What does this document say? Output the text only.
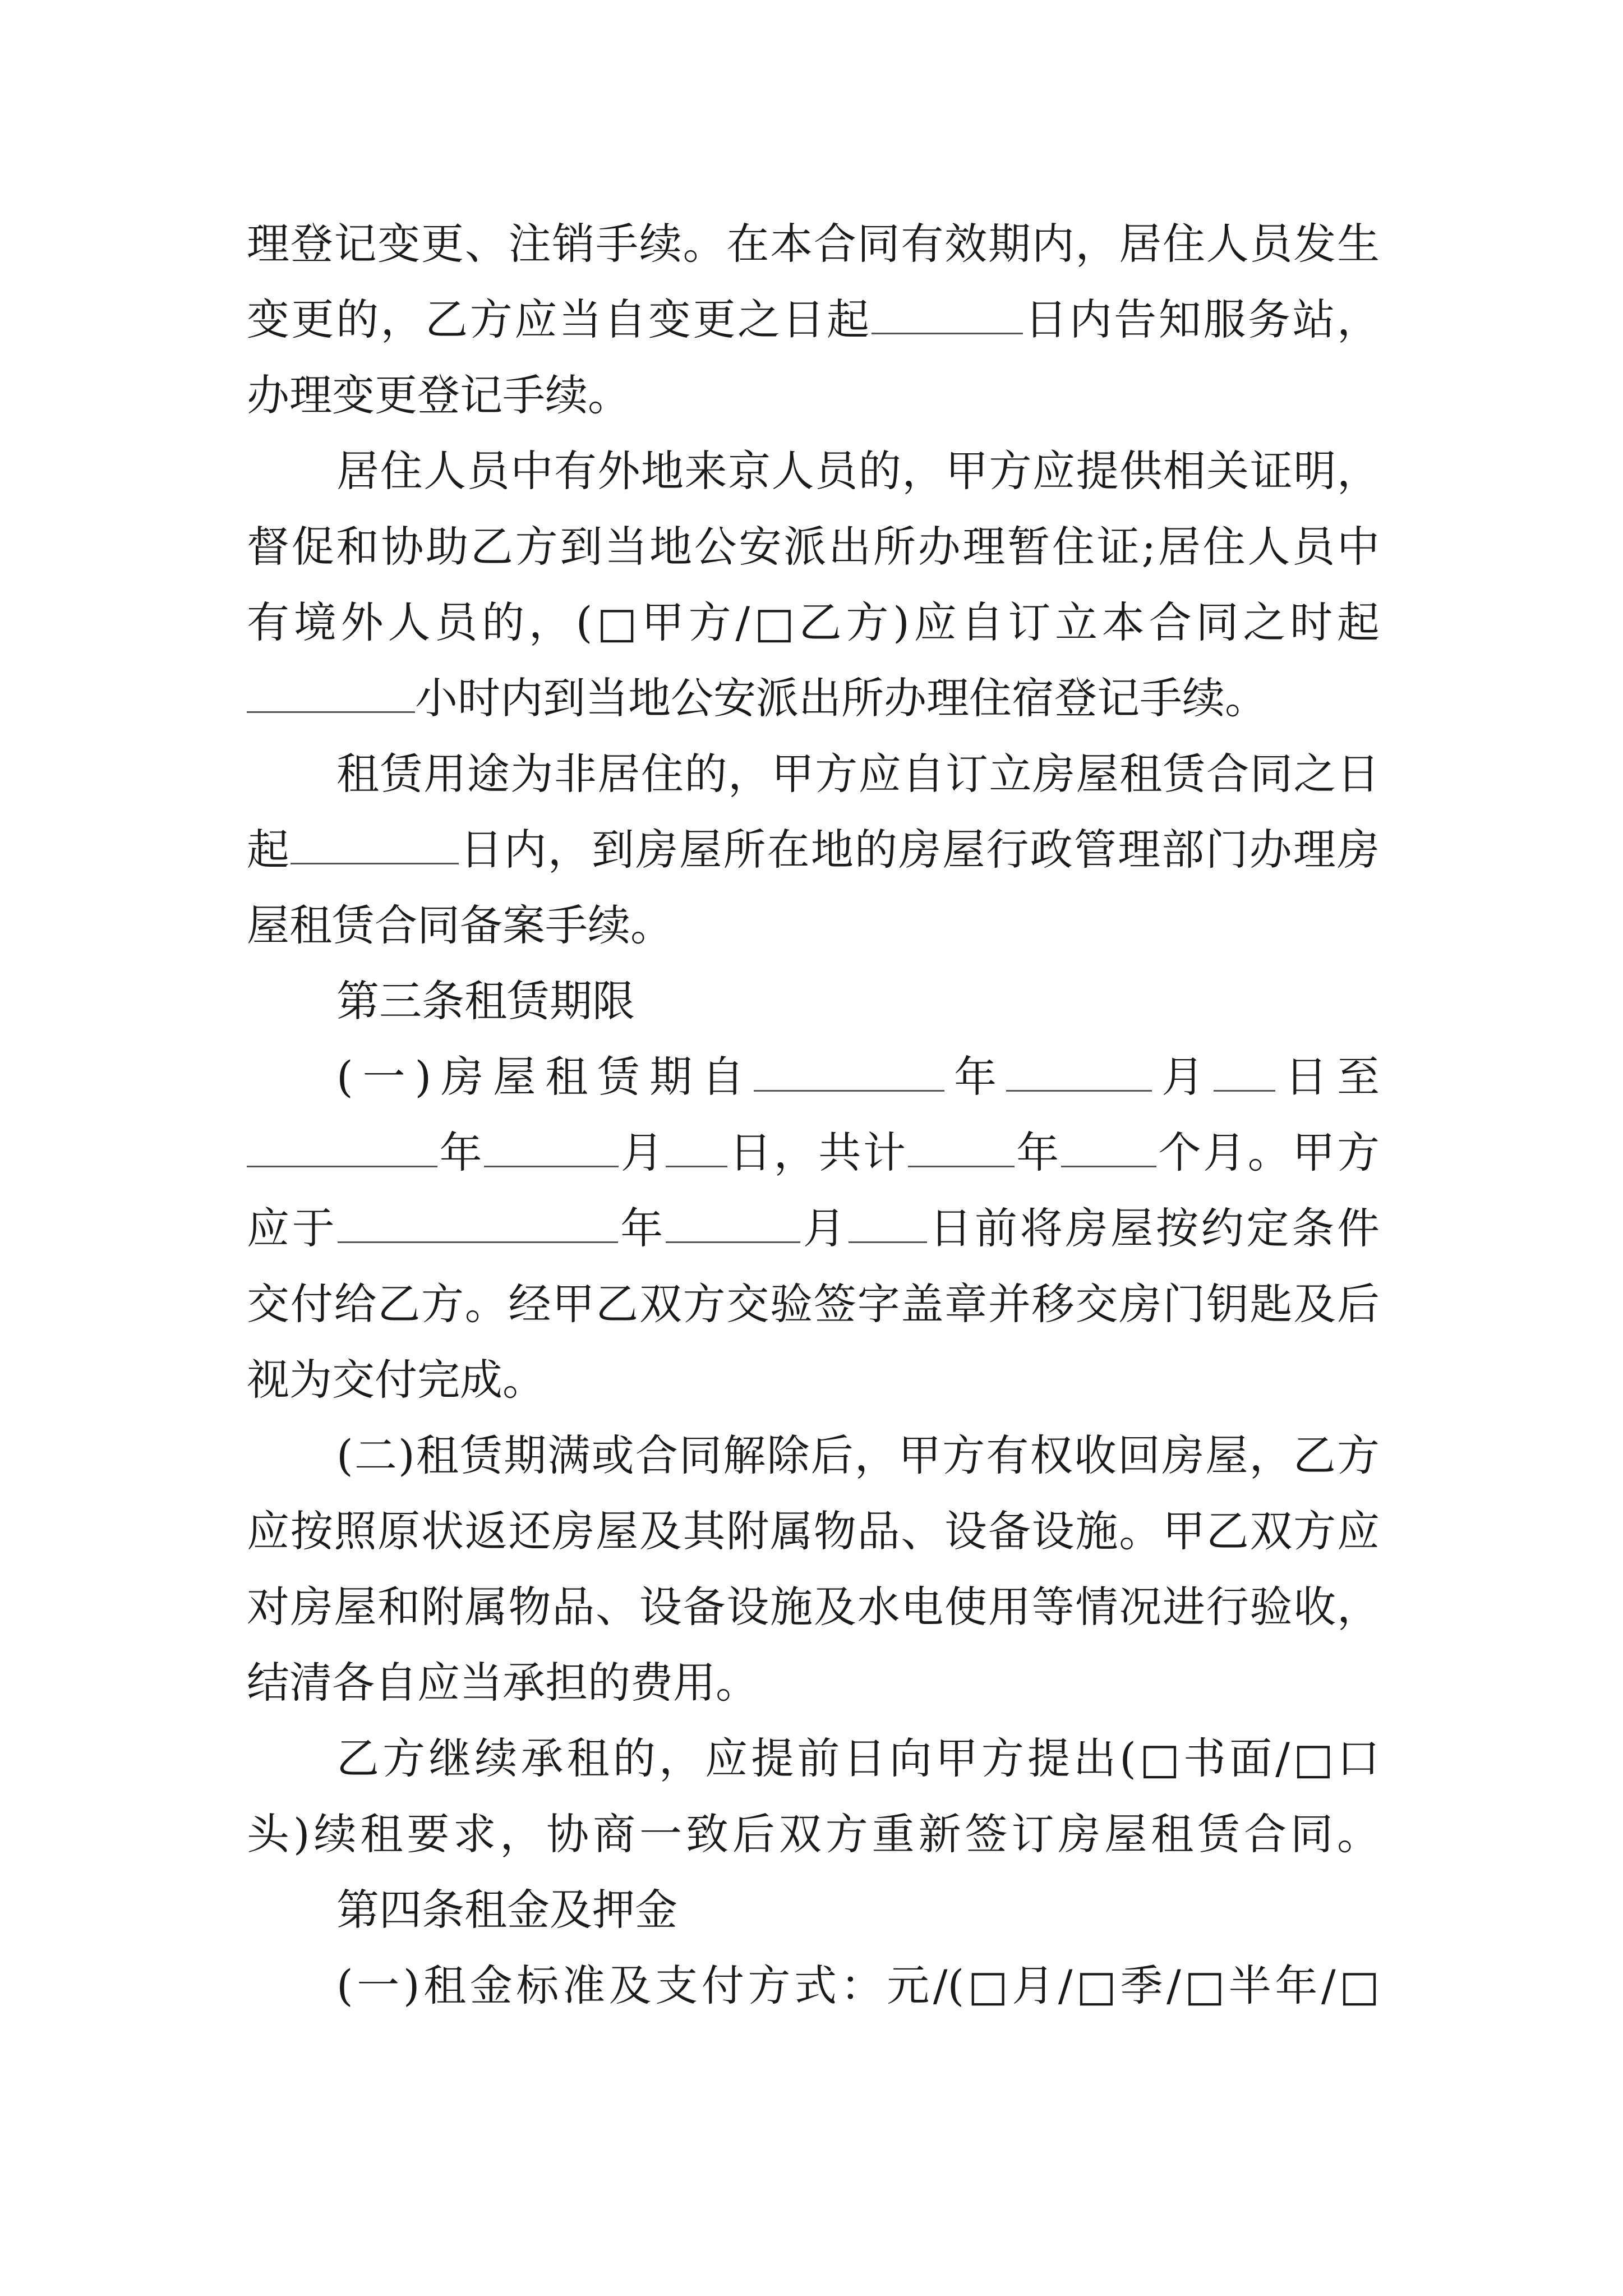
理登记变更、注销手续。在本合同有效期内，居住人员发生
变更的，乙方应当自变更之日起	日内告知服务站，
办理变更登记手续。
居住人员中有外地来京人员的，甲方应提供相关证明，
督促和协助乙方到当地公安派出所办理暂住证;居住人员中
有境外人员的，(□甲方/□乙方)应自订立本合同之时起
小时内到当地公安派出所办理住宿登记手续。
租赁用途为非居住的，甲方应自订立房屋租赁合同之日
起	日内，到房屋所在地的房屋行政管理部门办理房
屋租赁合同备案手续。
第三条租赁期限
(一)房屋租赁期自	年	月 日至
年	月 日，共计	年 个月。甲方
应于	年	月 日前将房屋按约定条件
交付给乙方。经甲乙双方交验签字盖章并移交房门钥匙及后
视为交付完成。
(二)租赁期满或合同解除后，甲方有权收回房屋，乙方
应按照原状返还房屋及其附属物品、设备设施。甲乙双方应
对房屋和附属物品、设备设施及水电使用等情况进行验收，
结清各自应当承担的费用。
乙方继续承租的，应提前日向甲方提出(□书面/□口
头)续租要求，协商一致后双方重新签订房屋租赁合同。
第四条租金及押金
(一)租金标准及支付方式：元/(□月/□季/□半年/□
